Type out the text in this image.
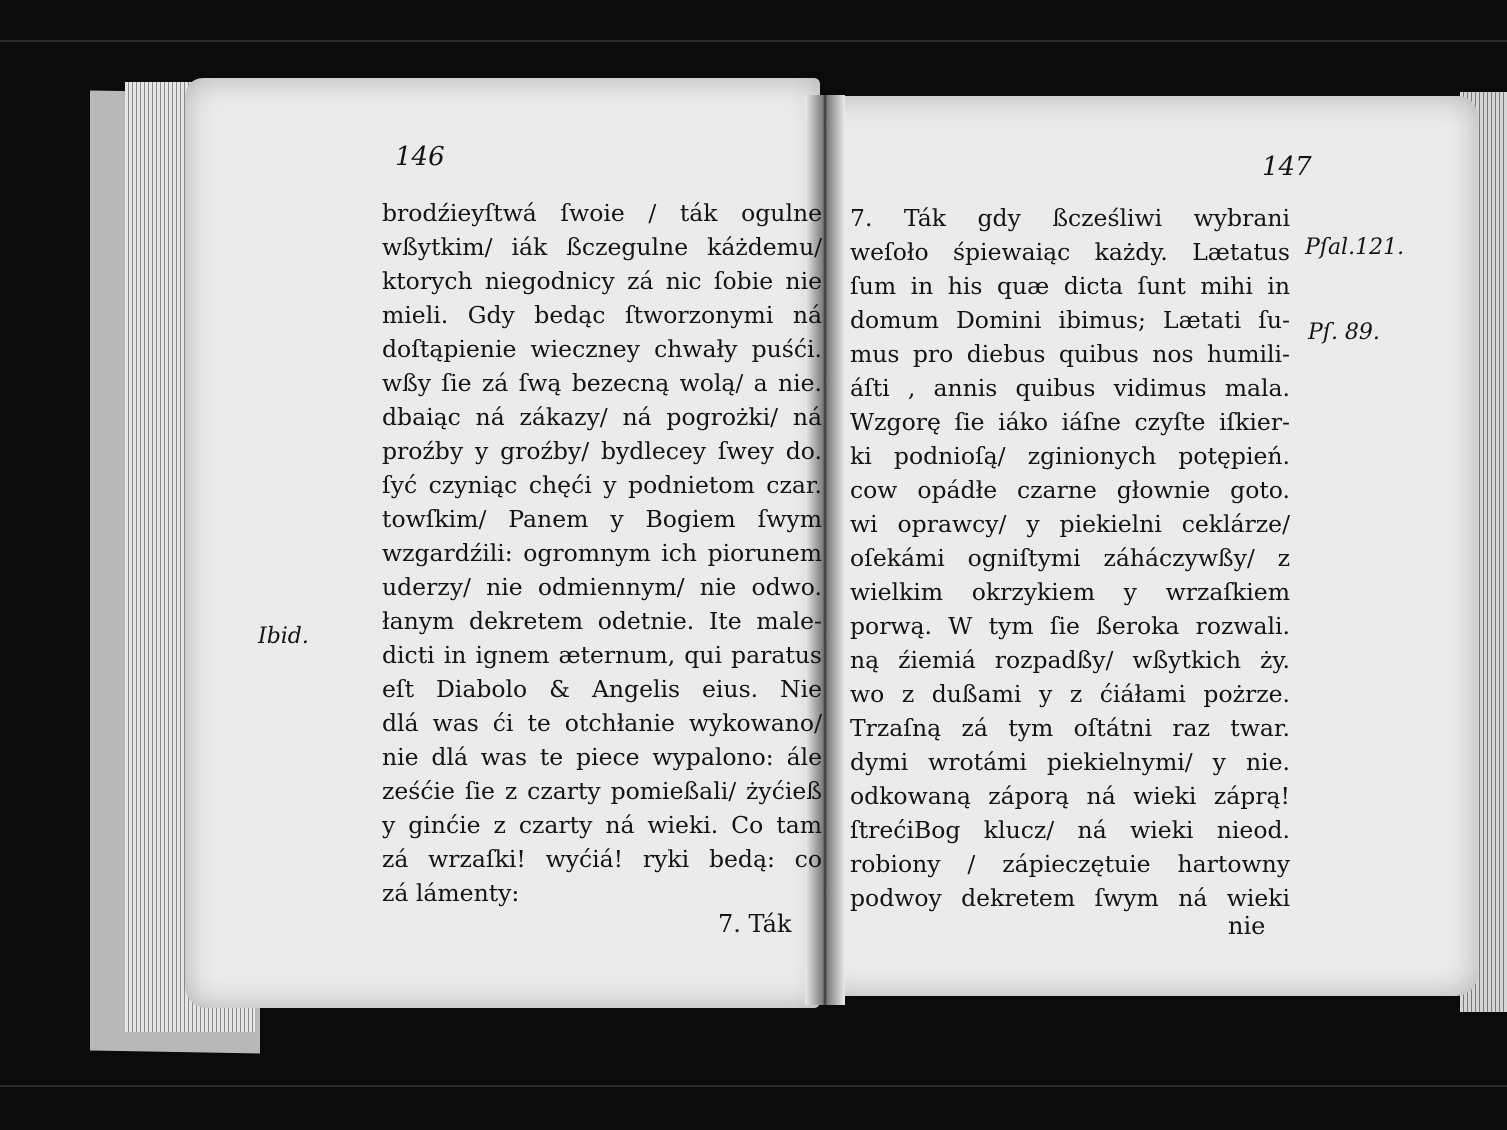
146
Ibid.
brodźieyſtwá ſwoie / ták ogulne
wßytkim/ iák ßczegulne káżdemu/
ktorych niegodnicy zá nic ſobie nie
mieli. Gdy bedąc ſtworzonymi ná
doſtąpienie wieczney chwały puśći.
wßy ſie zá ſwą bezecną wolą/ a nie.
dbaiąc ná zákazy/ ná pogrożki/ ná
proźby y groźby/ bydlecey ſwey do.
ſyć czyniąc chęći y podnietom czar.
towſkim/ Panem y Bogiem ſwym
wzgardźili: ogromnym ich piorunem
uderzy/ nie odmiennym/ nie odwo.
łanym dekretem odetnie. Ite male-
dicti in ignem æternum, qui paratus
eſt Diabolo & Angelis eius. Nie
dlá was ći te otchłanie wykowano/
nie dlá was te piece wypalono: ále
ześćie ſie z czarty pomießali/ żyćieß
y ginćie z czarty ná wieki. Co tam
zá wrzaſki! wyćiá! ryki bedą: co
zá lámenty:
7. Ták
147
Pſal.121.
Pſ. 89.
7. Ták gdy ßcześliwi wybrani
weſoło śpiewaiąc każdy. Lætatus
ſum in his quæ dicta ſunt mihi in
domum Domini ibimus; Lætati ſu-
mus pro diebus quibus nos humili-
áſti , annis quibus vidimus mala.
Wzgorę ſie iáko iáſne czyſte iſkier-
ki podnioſą/ zginionych potępień.
cow opádłe czarne głownie goto.
wi oprawcy/ y piekielni ceklárze/
oſekámi ogniſtymi záháczywßy/ z
wielkim okrzykiem y wrzaſkiem
porwą. W tym ſie ßeroka rozwali.
ną źiemiá rozpadßy/ wßytkich ży.
wo z dußami y z ćiáłami pożrze.
Trzaſną zá tym oſtátni raz twar.
dymi wrotámi piekielnymi/ y nie.
odkowaną záporą ná wieki záprą!
ſtrećiBog klucz/ ná wieki nieod.
robiony / zápieczętuie hartowny
podwoy dekretem ſwym ná wieki
nie
